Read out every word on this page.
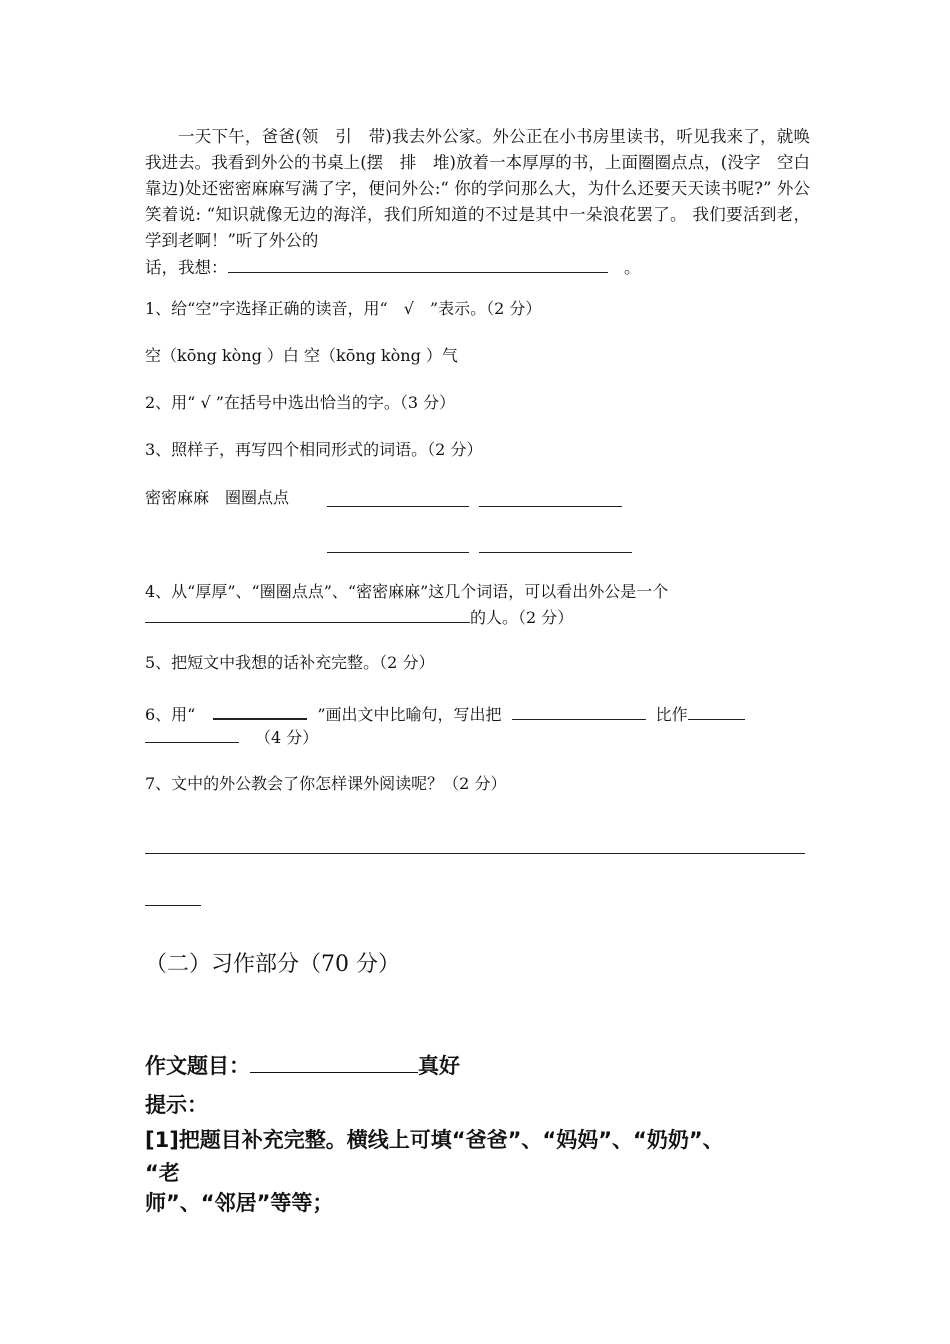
一天下午，爸爸(领　引　带)我去外公家。外公正在小书房里读书，听见我来了，就唤我进去。我看到外公的书桌上(摆　排　堆)放着一本厚厚的书，上面圈圈点点，(没字　空白　靠边)处还密密麻麻写满了字，便问外公:“ 你的学问那么大，为什么还要天天读书呢?” 外公笑着说: “知识就像无边的海洋，我们所知道的不过是其中一朵浪花罢了。 我们要活到老， 学到老啊！”听了外公的

话，我想：　	。
1、给“空”字选择正确的读音，用“　√　”表示。（2 分）
空（kōng kòng ）白 空（kōng kòng ）气
2、用“ √ ”在括号中选出恰当的字。（3 分）
3、照样子，再写四个相同形式的词语。（2 分）
密密麻麻　圈圈点点
4、从“厚厚”、“圈圈点点”、“密密麻麻”这几个词语，可以看出外公是一个
的人。（2 分）
5、把短文中我想的话补充完整。（2 分）
6、用“	”画出文中比喻句，写出把	比作
（4 分）
7、文中的外公教会了你怎样课外阅读呢？（2 分）
（二）习作部分（70 分）
作文题目：	真好
提示：
[1]把题目补充完整。横线上可填“爸爸”、“妈妈”、“奶奶”、
“老
师”、“邻居”等等；
